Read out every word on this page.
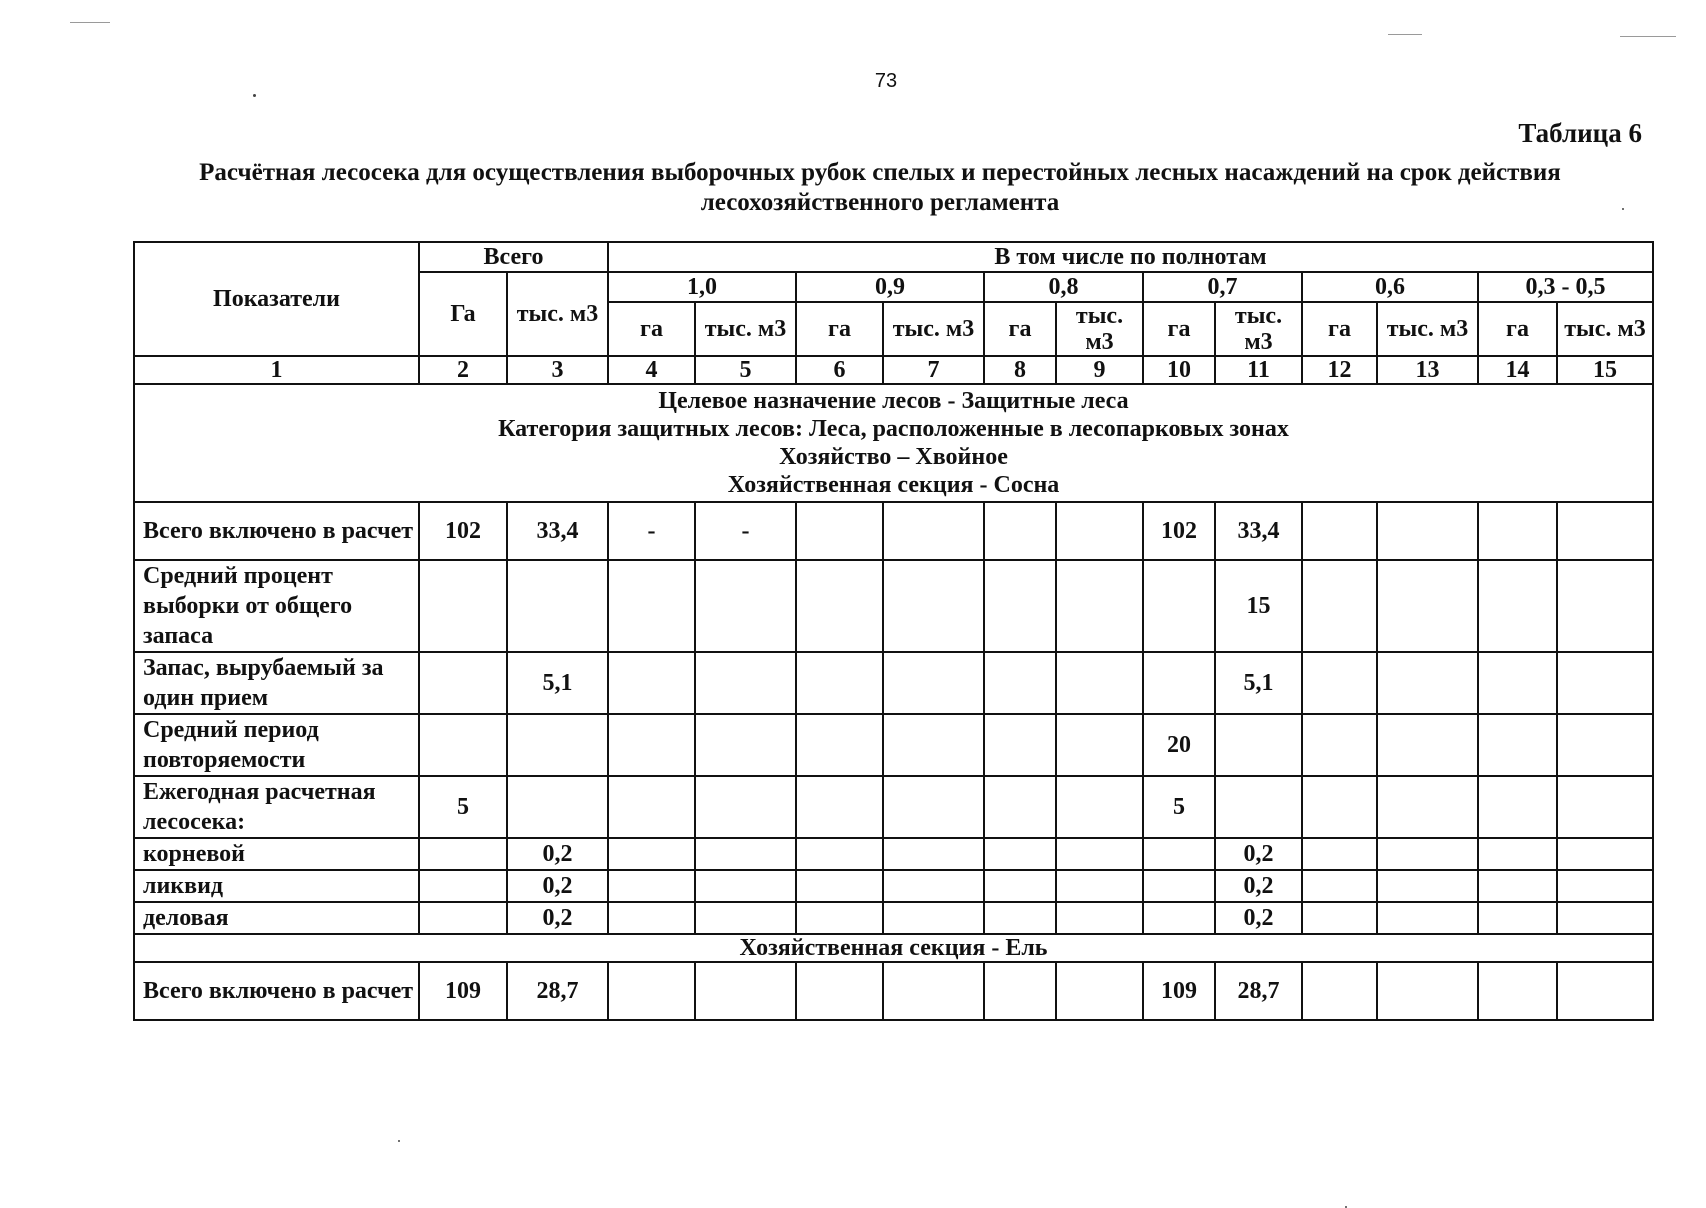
73
Таблица 6
Расчётная лесосека для осуществления выборочных рубок спелых и перестойных лесных насаждений на срок действия лесохозяйственного регламента
Показатели	Всего		В том числе по полнотам											
	Га	тыс. м3	1,0		0,9		0,8		0,7		0,6		0,3 - 0,5	
			га	тыс. м3	га	тыс. м3	га	тыс. м3	га	тыс. м3	га	тыс. м3	га	тыс. м3
1	2	3	4	5	6	7	8	9	10	11	12	13	14	15

Целевое назначение лесов - Защитные леса
Категория защитных лесов: Леса, расположенные в лесопарковых зонах
Хозяйство – Хвойное
Хозяйственная секция - Сосна														

Всего включено в расчет	102	33,4	-	-					102	33,4				
Средний процент выборки от общего запаса										15				
Запас, вырубаемый за один прием		5,1								5,1				
Средний период повторяемости									20					
Ежегодная расчетная лесосека:	5								5					
корневой		0,2								0,2				
ликвид		0,2								0,2				
деловая		0,2								0,2				
Хозяйственная секция - Ель														
Всего включено в расчет	109	28,7							109	28,7				
